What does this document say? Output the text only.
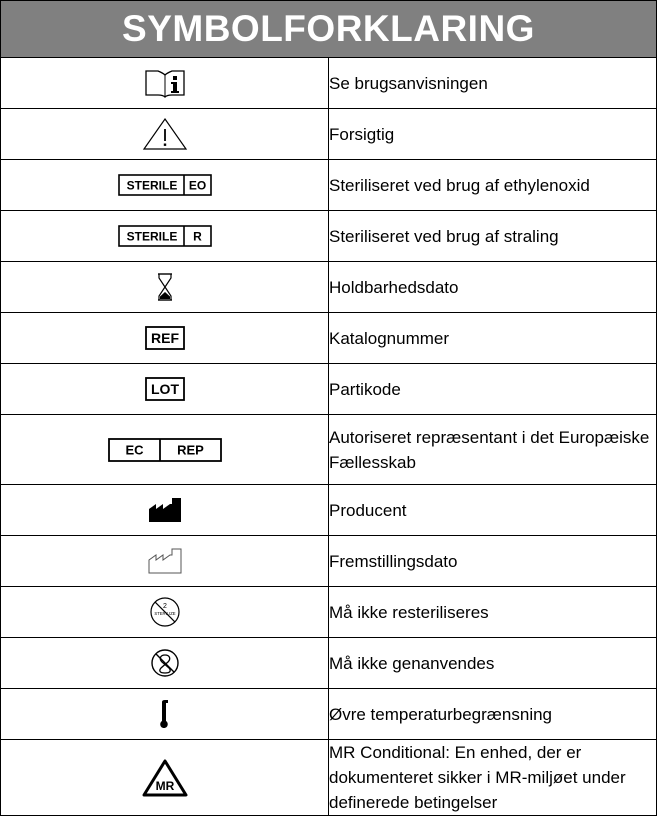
SYMBOLFORKLARING	
	Se brugsanvisningen
	Forsigtig

STERILE EO	Steriliseret ved brug af ethylenoxid

STERILE R	Steriliseret ved brug af straling
	Holdbarhedsdato

REF	Katalognummer

LOT	Partikode

EC REP	Autoriseret repræsentant i det Europæiske Fællesskab
	Producent
	Fremstillingsdato

2
STERILIZE	Må ikke resteriliseres
	Må ikke genanvendes
	Øvre temperaturbegrænsning

MR	MR Conditional: En enhed, der er dokumenteret sikker i MR-miljøet under definerede betingelser
